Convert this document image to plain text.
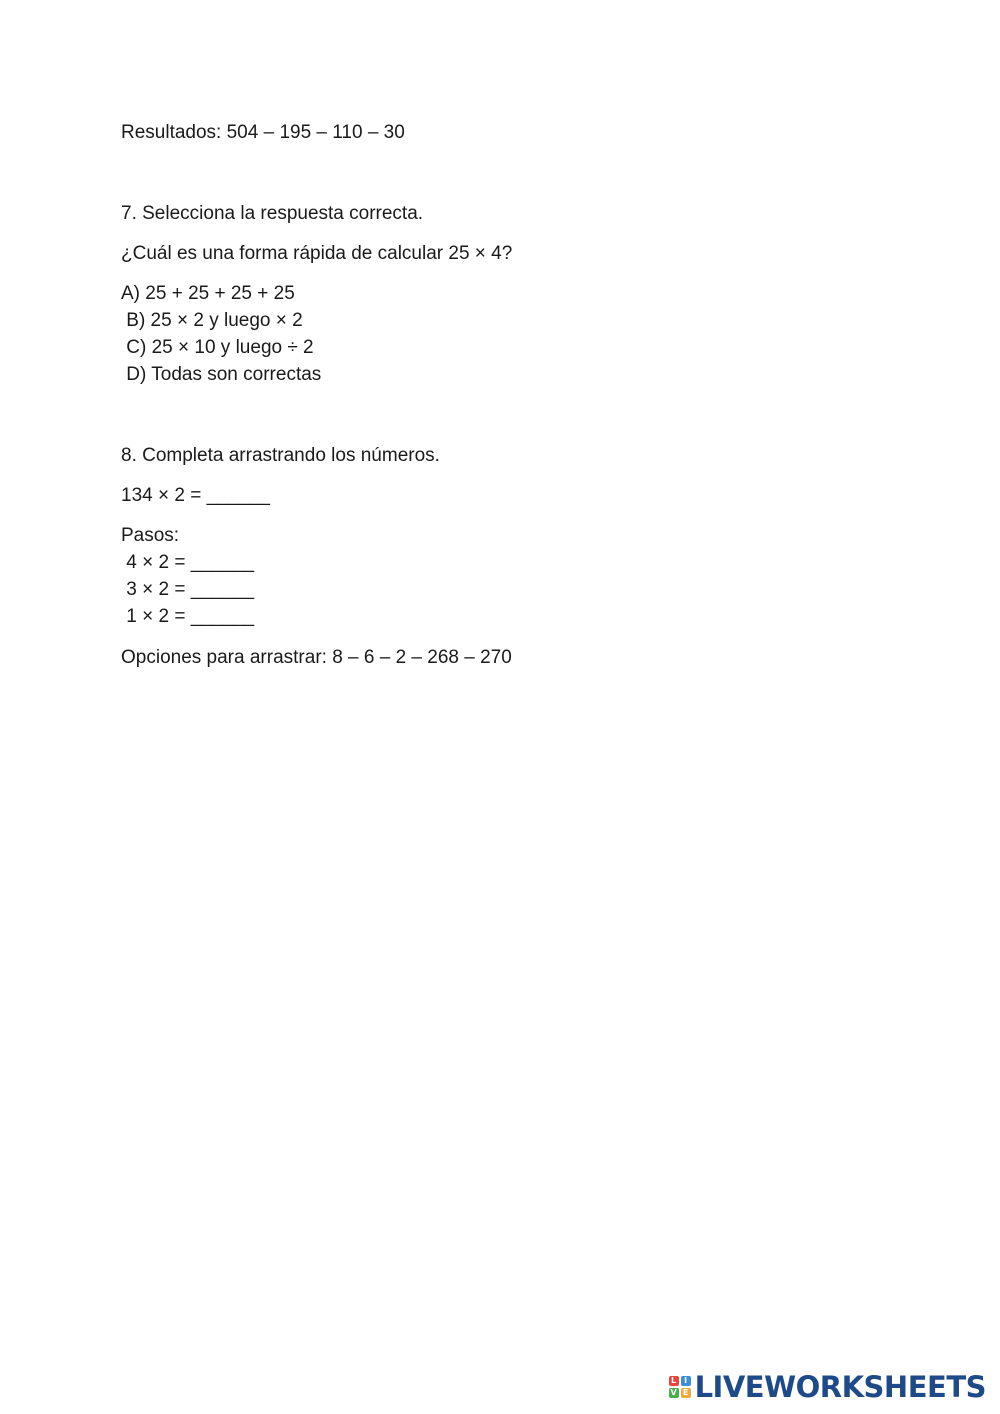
Resultados: 504 – 195 – 110 – 30
7. Selecciona la respuesta correcta.
¿Cuál es una forma rápida de calcular 25 × 4?
A) 25 + 25 + 25 + 25
B) 25 × 2 y luego × 2
C) 25 × 10 y luego ÷ 2
D) Todas son correctas
8. Completa arrastrando los números.
134 × 2 = ______
Pasos:
4 × 2 = ______
3 × 2 = ______
1 × 2 = ______
Opciones para arrastrar: 8 – 6 – 2 – 268 – 270
L I
V E LIVEWORKSHEETS
